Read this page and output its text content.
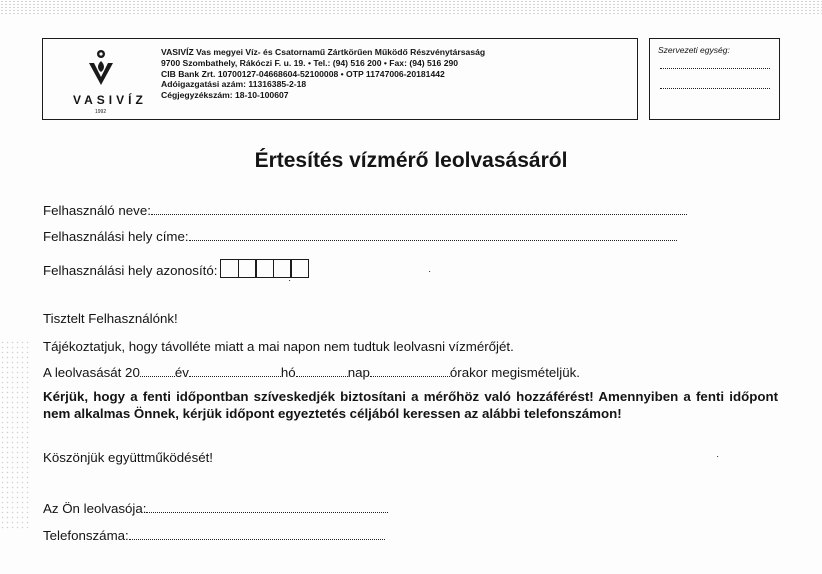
VASIVÍZ
1992
VASIVÍZ Vas megyei Víz- és Csatornamű Zártkörűen Működő Részvénytársaság
9700 Szombathely, Rákóczi F. u. 19. • Tel.: (94) 516 200 • Fax: (94) 516 290
CIB Bank Zrt. 10700127-04668604-52100008 • OTP 11747006-20181442
Adóigazgatási azám: 11316385-2-18
Cégjegyzékszám: 18-10-100607
Szervezeti egység:
Értesítés vízmérő leolvasásáról
Felhasználó neve:
Felhasználási hely címe:
Felhasználási hely azonosító:
Tisztelt Felhasználónk!
Tájékoztatjuk, hogy távolléte miatt a mai napon nem tudtuk leolvasni vízmérőjét.
A leolvasását 20	év	hó	nap	órakor megismételjük.
Kérjük, hogy a fenti időpontban szíveskedjék biztosítani a mérőhöz való hozzáférést! Amennyiben a fenti időpont nem alkalmas Önnek, kérjük időpont egyeztetés céljából keressen az alábbi telefonszámon!
Köszönjük együttműködését!
Az Ön leolvasója:
Telefonszáma:
⋅
⋅
⋅
